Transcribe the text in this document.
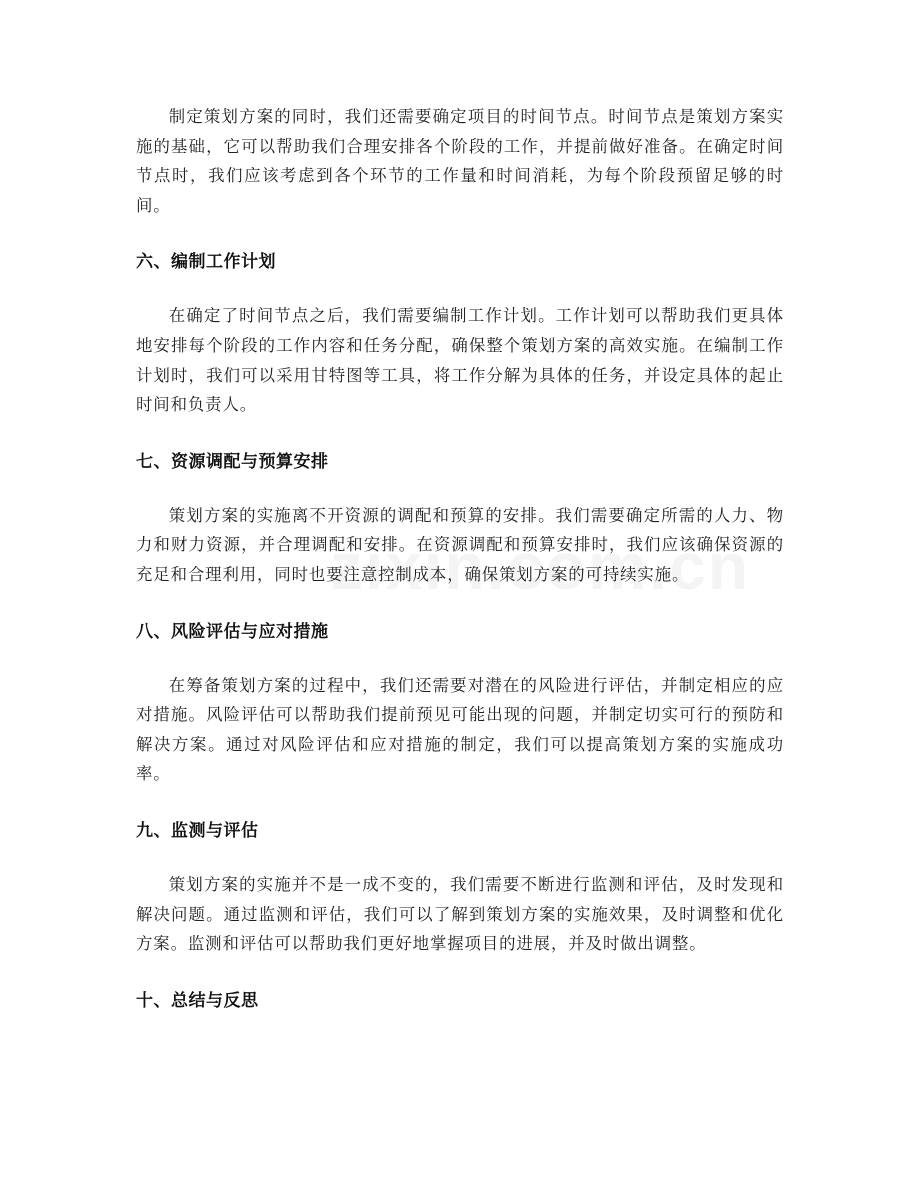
制定策划方案的同时，我们还需要确定项目的时间节点。时间节点是策划方案实施的基础，它可以帮助我们合理安排各个阶段的工作，并提前做好准备。在确定时间节点时，我们应该考虑到各个环节的工作量和时间消耗，为每个阶段预留足够的时间。

六、编制工作计划

在确定了时间节点之后，我们需要编制工作计划。工作计划可以帮助我们更具体地安排每个阶段的工作内容和任务分配，确保整个策划方案的高效实施。在编制工作计划时，我们可以采用甘特图等工具，将工作分解为具体的任务，并设定具体的起止时间和负责人。

七、资源调配与预算安排

策划方案的实施离不开资源的调配和预算的安排。我们需要确定所需的人力、物力和财力资源，并合理调配和安排。在资源调配和预算安排时，我们应该确保资源的充足和合理利用，同时也要注意控制成本，确保策划方案的可持续实施。

八、风险评估与应对措施

在筹备策划方案的过程中，我们还需要对潜在的风险进行评估，并制定相应的应对措施。风险评估可以帮助我们提前预见可能出现的问题，并制定切实可行的预防和解决方案。通过对风险评估和应对措施的制定，我们可以提高策划方案的实施成功率。

九、监测与评估

策划方案的实施并不是一成不变的，我们需要不断进行监测和评估，及时发现和解决问题。通过监测和评估，我们可以了解到策划方案的实施效果，及时调整和优化方案。监测和评估可以帮助我们更好地掌握项目的进展，并及时做出调整。

十、总结与反思
